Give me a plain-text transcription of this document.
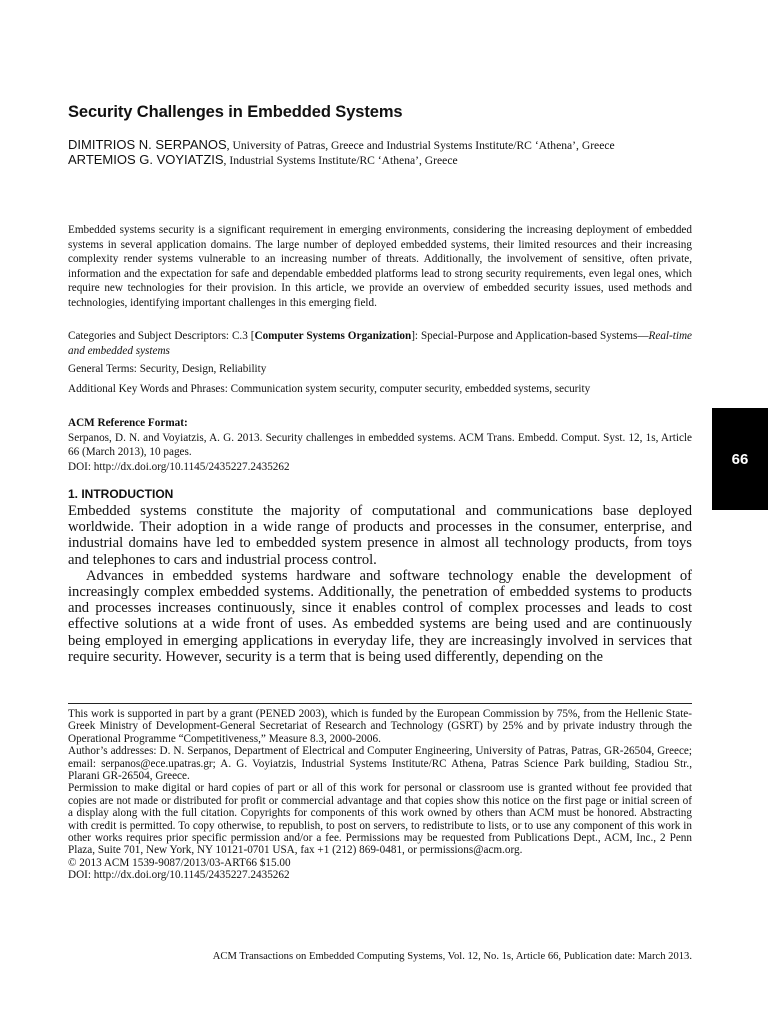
Security Challenges in Embedded Systems
DIMITRIOS N. SERPANOS, University of Patras, Greece and Industrial Systems Institute/RC ‘Athena’, Greece
ARTEMIOS G. VOYIATZIS, Industrial Systems Institute/RC ‘Athena’, Greece
Embedded systems security is a significant requirement in emerging environments, considering the increasing deployment of embedded systems in several application domains. The large number of deployed embedded systems, their limited resources and their increasing complexity render systems vulnerable to an increasing number of threats. Additionally, the involvement of sensitive, often private, information and the expectation for safe and dependable embedded platforms lead to strong security requirements, even legal ones, which require new technologies for their provision. In this article, we provide an overview of embedded security issues, used methods and technologies, identifying important challenges in this emerging field.
Categories and Subject Descriptors: C.3 [Computer Systems Organization]: Special-Purpose and Application-based Systems—Real-time and embedded systems
General Terms: Security, Design, Reliability
Additional Key Words and Phrases: Communication system security, computer security, embedded systems, security
ACM Reference Format:
Serpanos, D. N. and Voyiatzis, A. G. 2013. Security challenges in embedded systems. ACM Trans. Embedd. Comput. Syst. 12, 1s, Article 66 (March 2013), 10 pages.
DOI: http://dx.doi.org/10.1145/2435227.2435262
1. INTRODUCTION

Embedded systems constitute the majority of computational and communications base deployed worldwide. Their adoption in a wide range of products and processes in the consumer, enterprise, and industrial domains have led to embedded system presence in almost all technology products, from toys and telephones to cars and industrial process control.

Advances in embedded systems hardware and software technology enable the development of increasingly complex embedded systems. Additionally, the penetration of embedded systems to products and processes increases continuously, since it enables control of complex processes and leads to cost effective solutions at a wide front of uses. As embedded systems are being used and are continuously being employed in emerging applications in everyday life, they are increasingly involved in services that require security. However, security is a term that is being used differently, depending on the

This work is supported in part by a grant (PENED 2003), which is funded by the European Commission by 75%, from the Hellenic State-Greek Ministry of Development-General Secretariat of Research and Technology (GSRT) by 25% and by private industry through the Operational Programme “Competitiveness,” Measure 8.3, 2000-2006.

Author’s addresses: D. N. Serpanos, Department of Electrical and Computer Engineering, University of Patras, Patras, GR-26504, Greece; email: serpanos@ece.upatras.gr; A. G. Voyiatzis, Industrial Systems Institute/RC Athena, Patras Science Park building, Stadiou Str., Plarani GR-26504, Greece.

Permission to make digital or hard copies of part or all of this work for personal or classroom use is granted without fee provided that copies are not made or distributed for profit or commercial advantage and that copies show this notice on the first page or initial screen of a display along with the full citation. Copyrights for components of this work owned by others than ACM must be honored. Abstracting with credit is permitted. To copy otherwise, to republish, to post on servers, to redistribute to lists, or to use any component of this work in other works requires prior specific permission and/or a fee. Permissions may be requested from Publications Dept., ACM, Inc., 2 Penn Plaza, Suite 701, New York, NY 10121-0701 USA, fax +1 (212) 869-0481, or permissions@acm.org.

© 2013 ACM 1539-9087/2013/03-ART66 $15.00

DOI: http://dx.doi.org/10.1145/2435227.2435262

ACM Transactions on Embedded Computing Systems, Vol. 12, No. 1s, Article 66, Publication date: March 2013.
66
